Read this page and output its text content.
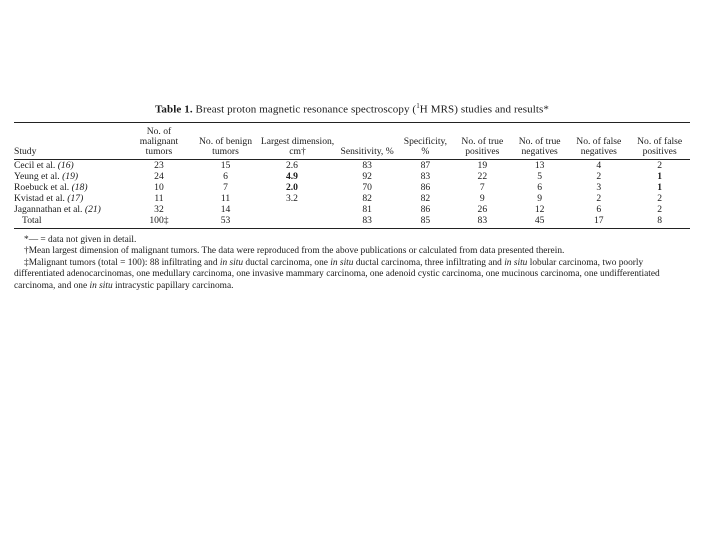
Table 1. Breast proton magnetic resonance spectroscopy ($^1$H MRS) studies and results*
Study	No. of malignant tumors	No. of benign tumors	Largest dimension, cm†	Sensitivity, %	Specificity, %	No. of true positives	No. of true negatives	No. of false negatives	No. of false positives
Cecil et al. (16)	23	15	2.6	83	87	19	13	4	2
Yeung et al. (19)	24	6	4.9	92	83	22	5	2	1
Roebuck et al. (18)	10	7	2.0	70	86	7	6	3	1
Kvistad et al. (17)	11	11	3.2	82	82	9	9	2	2
Jagannathan et al. (21)	32	14		81	86	26	12	6	2
Total	100‡	53		83	85	83	45	17	8

*— = data not given in detail.

†Mean largest dimension of malignant tumors. The data were reproduced from the above publications or calculated from data presented therein.

‡Malignant tumors (total = 100): 88 infiltrating and in situ ductal carcinoma, one in situ ductal carcinoma, three infiltrating and in situ lobular carcinoma, two poorly differentiated adenocarcinomas, one medullary carcinoma, one invasive mammary carcinoma, one adenoid cystic carcinoma, one mucinous carcinoma, one undifferentiated carcinoma, and one in situ intracystic papillary carcinoma.
